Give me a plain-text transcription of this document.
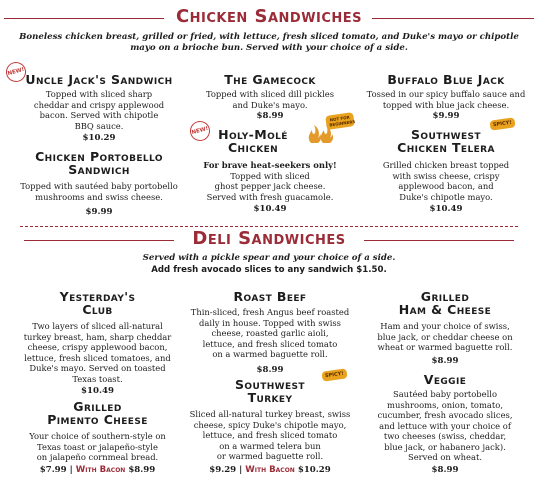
Chicken Sandwiches
Boneless chicken breast, grilled or fried, with lettuce, fresh sliced tomato, and Duke's mayo or chipotle
mayo on a brioche bun. Served with your choice of a side.
NEW! Uncle Jack's Sandwich
Topped with sliced sharp
cheddar and crispy applewood
bacon. Served with chipotle
BBQ sauce.
$10.29
The Gamecock
Topped with sliced dill pickles
and Duke's mayo.
$8.99
Buffalo Blue Jack
Tossed in our spicy buffalo sauce and
topped with blue jack cheese.
$9.99
Chicken Portobello
Sandwich
Topped with sautéed baby portobello
mushrooms and swiss cheese.
$9.99
NEW! Holy-Molé
Chicken
NOT FOR BEGINNERS
For brave heat-seekers only!
Topped with sliced
ghost pepper jack cheese.
Served with fresh guacamole.
$10.49
Southwest
Chicken Telera
SPICY!
Grilled chicken breast topped
with swiss cheese, crispy
applewood bacon, and
Duke's chipotle mayo.
$10.49
Deli Sandwiches
Served with a pickle spear and your choice of a side.
Add fresh avocado slices to any sandwich $1.50.
Yesterday's
Club
Two layers of sliced all-natural
turkey breast, ham, sharp cheddar
cheese, crispy applewood bacon,
lettuce, fresh sliced tomatoes, and
Duke's mayo. Served on toasted
Texas toast.
$10.49
Roast Beef
Thin-sliced, fresh Angus beef roasted
daily in house. Topped with swiss
cheese, roasted garlic aioli,
lettuce, and fresh sliced tomato
on a warmed baguette roll.
$8.99
Grilled
Ham & Cheese
Ham and your choice of swiss,
blue jack, or cheddar cheese on
wheat or warmed baguette roll.
$8.99
Grilled
Pimento Cheese
Your choice of southern-style on
Texas toast or jalapeño-style
on jalapeño cornmeal bread.
$7.99 | With Bacon $8.99
Southwest
Turkey
SPICY!
Sliced all-natural turkey breast, swiss
cheese, spicy Duke's chipotle mayo,
lettuce, and fresh sliced tomato
on a warmed telera bun
or warmed baguette roll.
$9.29 | With Bacon $10.29
Veggie
Sautéed baby portobello
mushrooms, onion, tomato,
cucumber, fresh avocado slices,
and lettuce with your choice of
two cheeses (swiss, cheddar,
blue jack, or habanero jack).
Served on wheat.
$8.99
